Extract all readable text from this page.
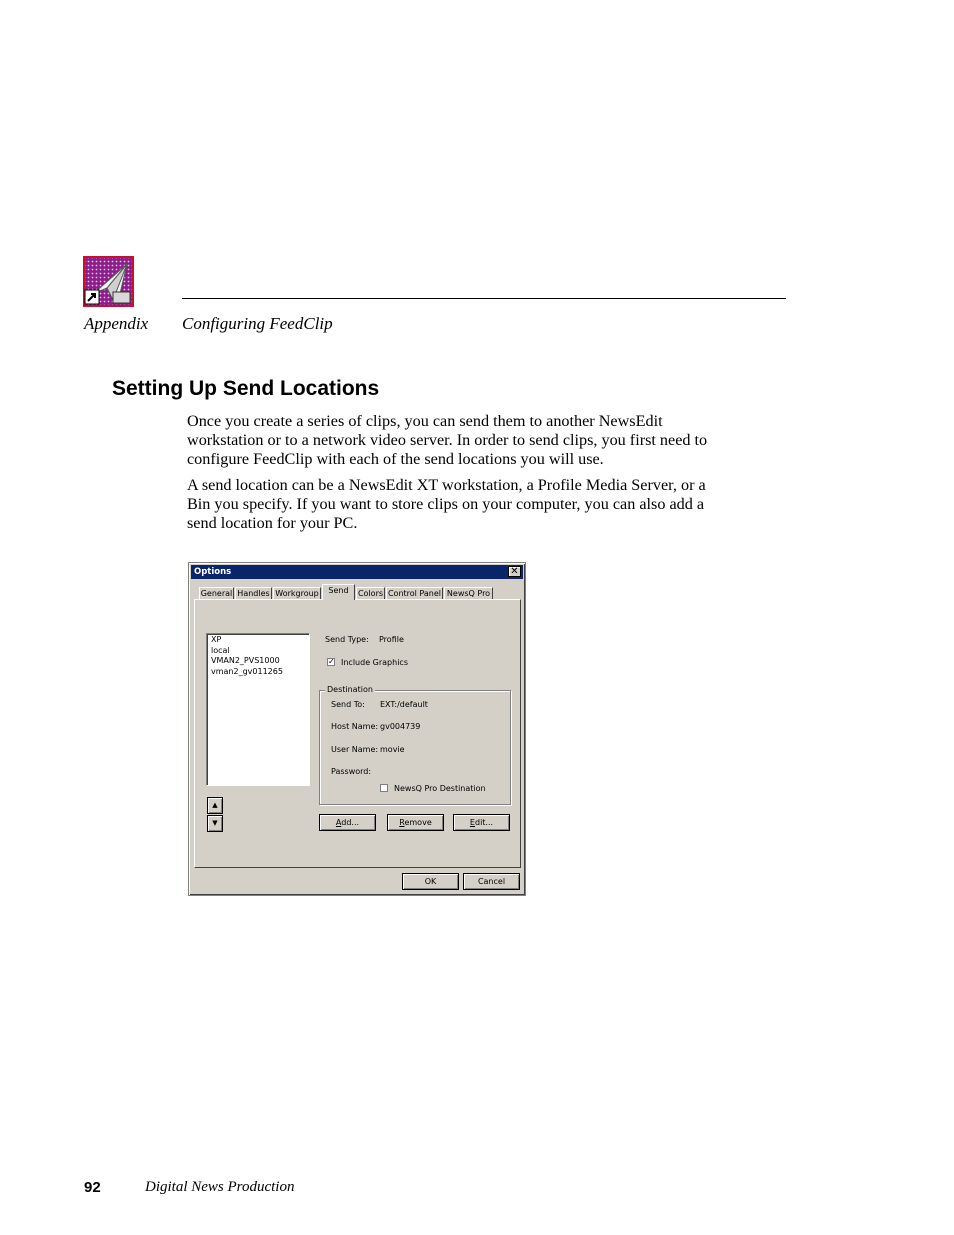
Appendix Configuring FeedClip
Setting Up Send Locations

Once you create a series of clips, you can send them to another NewsEdit workstation or to a network video server. In order to send clips, you first need to configure FeedClip with each of the send locations you will use.

A send location can be a NewsEdit XT workstation, a Profile Media Server, or a Bin you specify. If you want to store clips on your computer, you can also add a send location for your PC.

Options	✕
General Handles Workgroup	Send	Colors Control Panel NewsQ Pro
XP
local
VMAN2_PVS1000
vman2_gv011265
▲
▼
Send Type: Profile
✓ Include Graphics
Destination
Send To: EXT:/default
Host Name: gv004739
User Name: movie
Password:
NewsQ Pro Destination
Add...	Remove	Edit...
OK	Cancel
92	Digital News Production
